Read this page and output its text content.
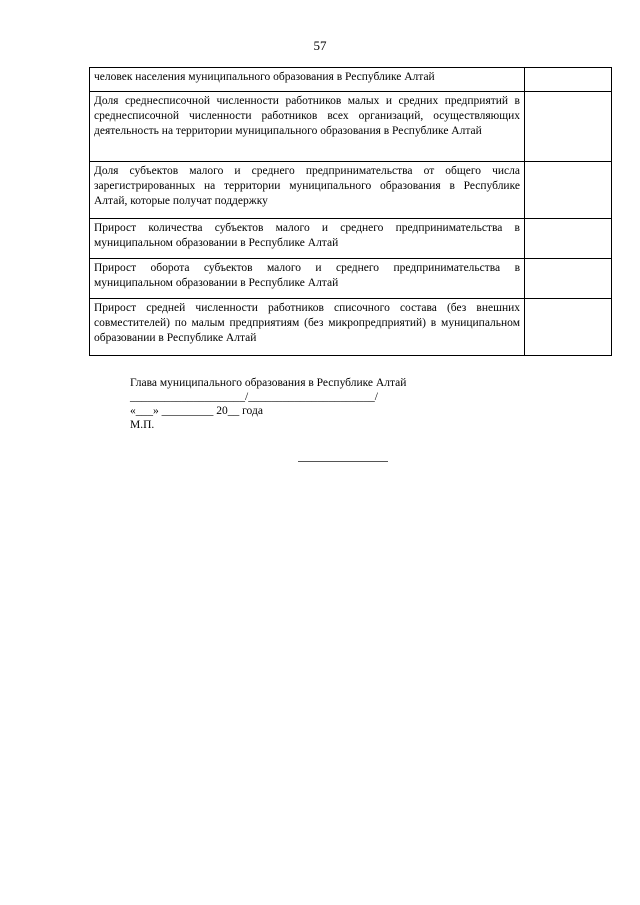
57
человек населения муниципального образования в Республике Алтай	
Доля среднесписочной численности работников малых и средних предприятий в среднесписочной численности работников всех организаций, осуществляющих деятельность на территории муниципального образования в Республике Алтай	
Доля субъектов малого и среднего предпринимательства от общего числа зарегистрированных на территории муниципального образования в Республике Алтай, которые получат поддержку	
Прирост количества субъектов малого и среднего предпринимательства в муниципальном образовании в Республике Алтай	
Прирост оборота субъектов малого и среднего предпринимательства в муниципальном образовании в Республике Алтай	
Прирост средней численности работников списочного состава (без внешних совместителей) по малым предприятиям (без микропредприятий) в муниципальном образовании в Республике Алтай	
Глава муниципального образования в Республике Алтай
____________________/______________________/
«___» _________ 20__ года
М.П.
